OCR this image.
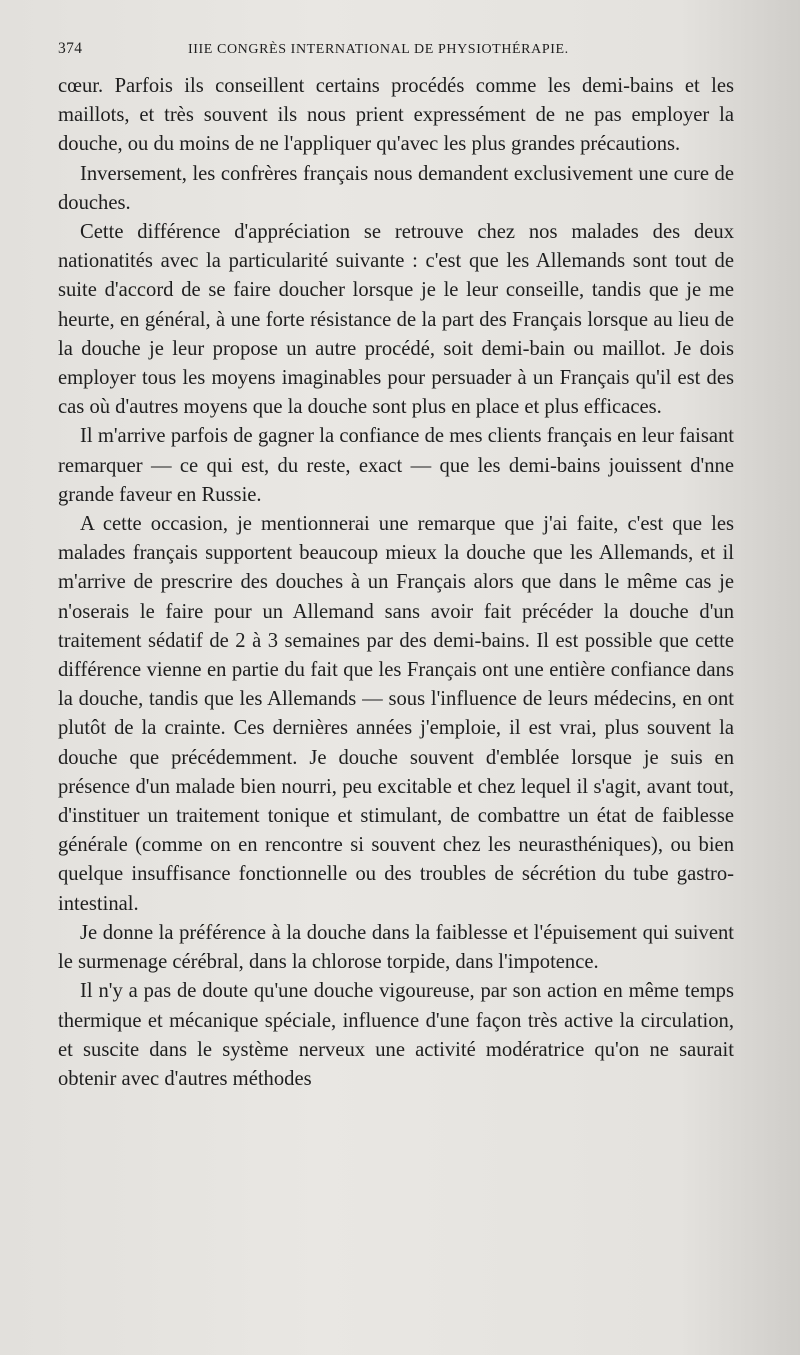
374	IIIE CONGRÈS INTERNATIONAL DE PHYSIOTHÉRAPIE.

cœur. Parfois ils conseillent certains procédés comme les demi-bains et les maillots, et très souvent ils nous prient expressément de ne pas employer la douche, ou du moins de ne l'appliquer qu'avec les plus grandes précautions.

Inversement, les confrères français nous demandent exclusivement une cure de douches.

Cette différence d'appréciation se retrouve chez nos malades des deux nationatités avec la particularité suivante : c'est que les Allemands sont tout de suite d'accord de se faire doucher lorsque je le leur conseille, tandis que je me heurte, en général, à une forte résistance de la part des Français lorsque au lieu de la douche je leur propose un autre procédé, soit demi-bain ou maillot. Je dois employer tous les moyens imaginables pour persuader à un Français qu'il est des cas où d'autres moyens que la douche sont plus en place et plus efficaces.

Il m'arrive parfois de gagner la confiance de mes clients français en leur faisant remarquer — ce qui est, du reste, exact — que les demi-bains jouissent d'nne grande faveur en Russie.

A cette occasion, je mentionnerai une remarque que j'ai faite, c'est que les malades français supportent beaucoup mieux la douche que les Allemands, et il m'arrive de prescrire des douches à un Français alors que dans le même cas je n'oserais le faire pour un Allemand sans avoir fait précéder la douche d'un traitement sédatif de 2 à 3 semaines par des demi-bains. Il est possible que cette différence vienne en partie du fait que les Français ont une entière confiance dans la douche, tandis que les Allemands — sous l'influence de leurs médecins, en ont plutôt de la crainte. Ces dernières années j'emploie, il est vrai, plus souvent la douche que précédemment. Je douche souvent d'emblée lorsque je suis en présence d'un malade bien nourri, peu excitable et chez lequel il s'agit, avant tout, d'instituer un traitement tonique et stimulant, de combattre un état de faiblesse générale (comme on en rencontre si souvent chez les neurasthéniques), ou bien quelque insuffisance fonctionnelle ou des troubles de sécrétion du tube gastro-intestinal.

Je donne la préférence à la douche dans la faiblesse et l'épuisement qui suivent le surmenage cérébral, dans la chlorose torpide, dans l'impotence.

Il n'y a pas de doute qu'une douche vigoureuse, par son action en même temps thermique et mécanique spéciale, influence d'une façon très active la circulation, et suscite dans le système nerveux une activité modératrice qu'on ne saurait obtenir avec d'autres méthodes
